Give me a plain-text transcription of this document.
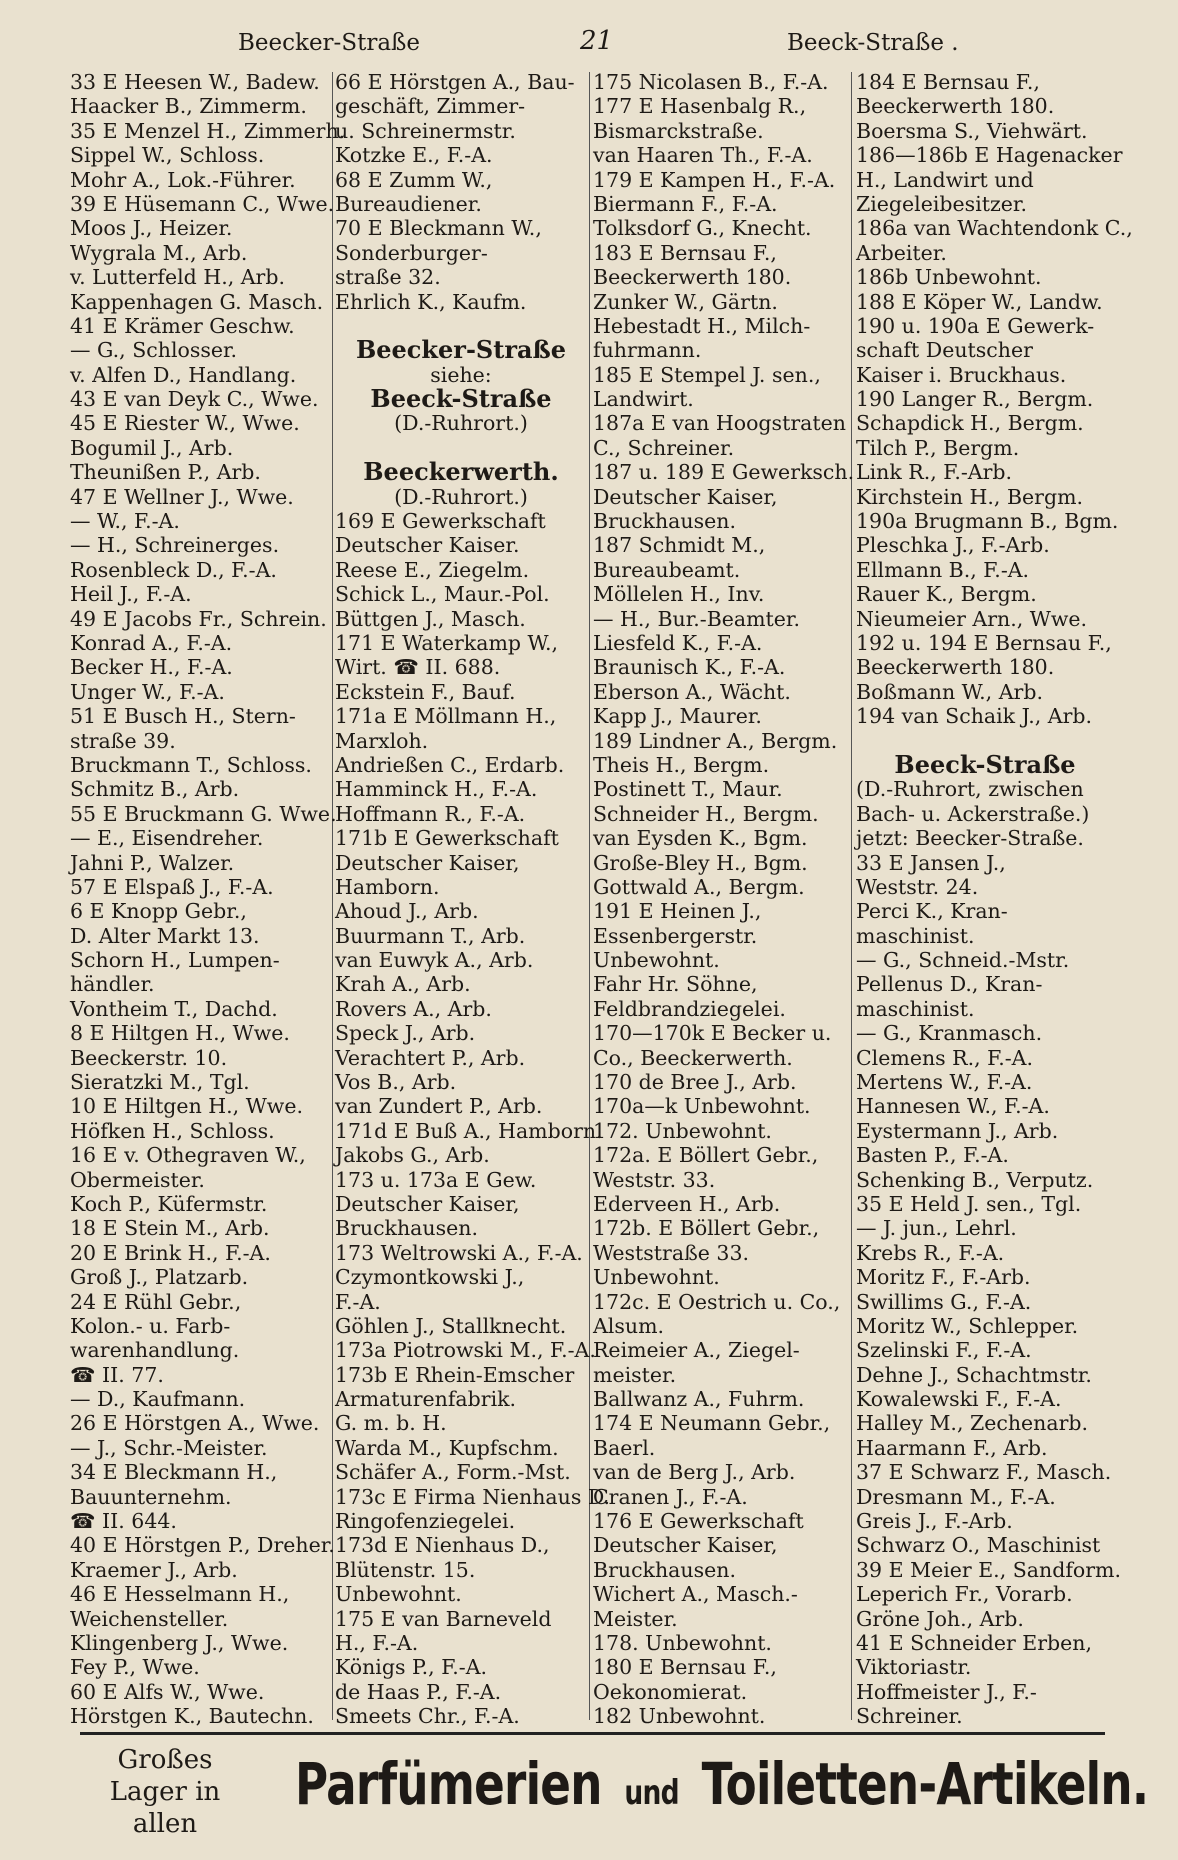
Beecker-Straße	21	Beeck-Straße .
33 E Heesen W., Badew.
Haacker B., Zimmerm.
35 E Menzel H., Zimmerh.
Sippel W., Schloss.
Mohr A., Lok.-Führer.
39 E Hüsemann C., Wwe.
Moos J., Heizer.
Wygrala M., Arb.
v. Lutterfeld H., Arb.
Kappenhagen G. Masch.
41 E Krämer Geschw.
— G., Schlosser.
v. Alfen D., Handlang.
43 E van Deyk C., Wwe.
45 E Riester W., Wwe.
Bogumil J., Arb.
Theunißen P., Arb.
47 E Wellner J., Wwe.
— W., F.-A.
— H., Schreinerges.
Rosenbleck D., F.-A.
Heil J., F.-A.
49 E Jacobs Fr., Schrein.
Konrad A., F.-A.
Becker H., F.-A.
Unger W., F.-A.
51 E Busch H., Stern-
straße 39.
Bruckmann T., Schloss.
Schmitz B., Arb.
55 E Bruckmann G. Wwe.
— E., Eisendreher.
Jahni P., Walzer.
57 E Elspaß J., F.-A.
6 E Knopp Gebr.,
D. Alter Markt 13.
Schorn H., Lumpen-
händler.
Vontheim T., Dachd.
8 E Hiltgen H., Wwe.
Beeckerstr. 10.
Sieratzki M., Tgl.
10 E Hiltgen H., Wwe.
Höfken H., Schloss.
16 E v. Othegraven W.,
Obermeister.
Koch P., Küfermstr.
18 E Stein M., Arb.
20 E Brink H., F.-A.
Groß J., Platzarb.
24 E Rühl Gebr.,
Kolon.- u. Farb-
warenhandlung.
☎ II. 77.
— D., Kaufmann.
26 E Hörstgen A., Wwe.
— J., Schr.-Meister.
34 E Bleckmann H.,
Bauunternehm.
☎ II. 644.
40 E Hörstgen P., Dreher.
Kraemer J., Arb.
46 E Hesselmann H.,
Weichensteller.
Klingenberg J., Wwe.
Fey P., Wwe.
60 E Alfs W., Wwe.
Hörstgen K., Bautechn.
66 E Hörstgen A., Bau-
geschäft, Zimmer-
u. Schreinermstr.
Kotzke E., F.-A.
68 E Zumm W.,
Bureaudiener.
70 E Bleckmann W.,
Sonderburger-
straße 32.
Ehrlich K., Kaufm.
Beecker-Straße
siehe:
Beeck-Straße
(D.-Ruhrort.)
Beeckerwerth.
(D.-Ruhrort.)
169 E Gewerkschaft
Deutscher Kaiser.
Reese E., Ziegelm.
Schick L., Maur.-Pol.
Büttgen J., Masch.
171 E Waterkamp W.,
Wirt. ☎ II. 688.
Eckstein F., Bauf.
171a E Möllmann H.,
Marxloh.
Andrießen C., Erdarb.
Hamminck H., F.-A.
Hoffmann R., F.-A.
171b E Gewerkschaft
Deutscher Kaiser,
Hamborn.
Ahoud J., Arb.
Buurmann T., Arb.
van Euwyk A., Arb.
Krah A., Arb.
Rovers A., Arb.
Speck J., Arb.
Verachtert P., Arb.
Vos B., Arb.
van Zundert P., Arb.
171d E Buß A., Hamborn.
Jakobs G., Arb.
173 u. 173a E Gew.
Deutscher Kaiser,
Bruckhausen.
173 Weltrowski A., F.-A.
Czymontkowski J.,
F.-A.
Göhlen J., Stallknecht.
173a Piotrowski M., F.-A.
173b E Rhein-Emscher
Armaturenfabrik.
G. m. b. H.
Warda M., Kupfschm.
Schäfer A., Form.-Mst.
173c E Firma Nienhaus D.
Ringofenziegelei.
173d E Nienhaus D.,
Blütenstr. 15.
Unbewohnt.
175 E van Barneveld
H., F.-A.
Königs P., F.-A.
de Haas P., F.-A.
Smeets Chr., F.-A.
175 Nicolasen B., F.-A.
177 E Hasenbalg R.,
Bismarckstraße.
van Haaren Th., F.-A.
179 E Kampen H., F.-A.
Biermann F., F.-A.
Tolksdorf G., Knecht.
183 E Bernsau F.,
Beeckerwerth 180.
Zunker W., Gärtn.
Hebestadt H., Milch-
fuhrmann.
185 E Stempel J. sen.,
Landwirt.
187a E van Hoogstraten
C., Schreiner.
187 u. 189 E Gewerksch.
Deutscher Kaiser,
Bruckhausen.
187 Schmidt M.,
Bureaubeamt.
Möllelen H., Inv.
— H., Bur.-Beamter.
Liesfeld K., F.-A.
Braunisch K., F.-A.
Eberson A., Wächt.
Kapp J., Maurer.
189 Lindner A., Bergm.
Theis H., Bergm.
Postinett T., Maur.
Schneider H., Bergm.
van Eysden K., Bgm.
Große-Bley H., Bgm.
Gottwald A., Bergm.
191 E Heinen J.,
Essenbergerstr.
Unbewohnt.
Fahr Hr. Söhne,
Feldbrandziegelei.
170—170k E Becker u.
Co., Beeckerwerth.
170 de Bree J., Arb.
170a—k Unbewohnt.
172. Unbewohnt.
172a. E Böllert Gebr.,
Weststr. 33.
Ederveen H., Arb.
172b. E Böllert Gebr.,
Weststraße 33.
Unbewohnt.
172c. E Oestrich u. Co.,
Alsum.
Reimeier A., Ziegel-
meister.
Ballwanz A., Fuhrm.
174 E Neumann Gebr.,
Baerl.
van de Berg J., Arb.
Cranen J., F.-A.
176 E Gewerkschaft
Deutscher Kaiser,
Bruckhausen.
Wichert A., Masch.-
Meister.
178. Unbewohnt.
180 E Bernsau F.,
Oekonomierat.
182 Unbewohnt.
184 E Bernsau F.,
Beeckerwerth 180.
Boersma S., Viehwärt.
186—186b E Hagenacker
H., Landwirt und
Ziegeleibesitzer.
186a van Wachtendonk C.,
Arbeiter.
186b Unbewohnt.
188 E Köper W., Landw.
190 u. 190a E Gewerk-
schaft Deutscher
Kaiser i. Bruckhaus.
190 Langer R., Bergm.
Schapdick H., Bergm.
Tilch P., Bergm.
Link R., F.-Arb.
Kirchstein H., Bergm.
190a Brugmann B., Bgm.
Pleschka J., F.-Arb.
Ellmann B., F.-A.
Rauer K., Bergm.
Nieumeier Arn., Wwe.
192 u. 194 E Bernsau F.,
Beeckerwerth 180.
Boßmann W., Arb.
194 van Schaik J., Arb.
Beeck-Straße
(D.-Ruhrort, zwischen
Bach- u. Ackerstraße.)
jetzt: Beecker-Straße.
33 E Jansen J.,
Weststr. 24.
Perci K., Kran-
maschinist.
— G., Schneid.-Mstr.
Pellenus D., Kran-
maschinist.
— G., Kranmasch.
Clemens R., F.-A.
Mertens W., F.-A.
Hannesen W., F.-A.
Eystermann J., Arb.
Basten P., F.-A.
Schenking B., Verputz.
35 E Held J. sen., Tgl.
— J. jun., Lehrl.
Krebs R., F.-A.
Moritz F., F.-Arb.
Swillims G., F.-A.
Moritz W., Schlepper.
Szelinski F., F.-A.
Dehne J., Schachtmstr.
Kowalewski F., F.-A.
Halley M., Zechenarb.
Haarmann F., Arb.
37 E Schwarz F., Masch.
Dresmann M., F.-A.
Greis J., F.-Arb.
Schwarz O., Maschinist
39 E Meier E., Sandform.
Leperich Fr., Vorarb.
Gröne Joh., Arb.
41 E Schneider Erben,
Viktoriastr.
Hoffmeister J., F.-
Schreiner.
Großes Lager in allen
Parfümerien und Toiletten-Artikeln.
